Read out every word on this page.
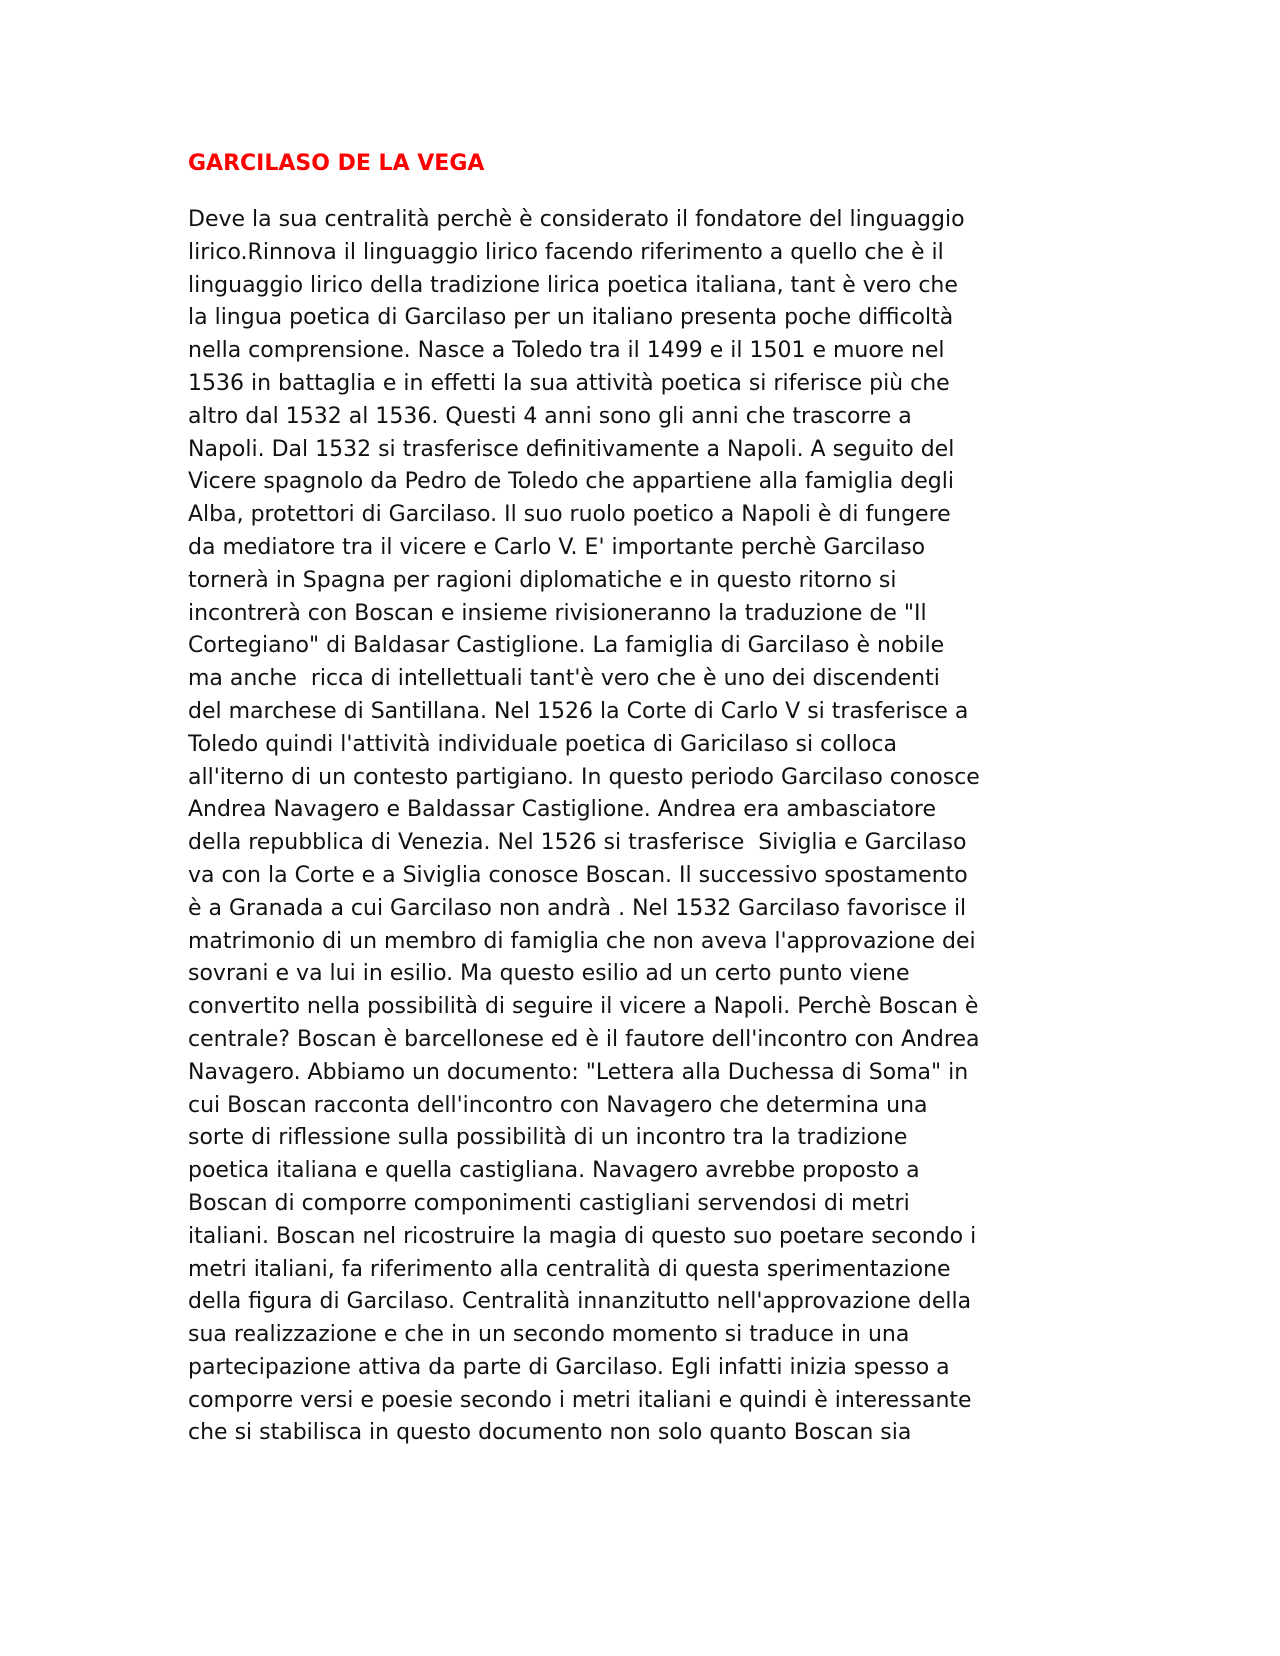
GARCILASO DE LA VEGA
Deve la sua centralità perchè è considerato il fondatore del linguaggio
lirico.Rinnova il linguaggio lirico facendo riferimento a quello che è il
linguaggio lirico della tradizione lirica poetica italiana, tant è vero che
la lingua poetica di Garcilaso per un italiano presenta poche difficoltà
nella comprensione. Nasce a Toledo tra il 1499 e il 1501 e muore nel
1536 in battaglia e in effetti la sua attività poetica si riferisce più che
altro dal 1532 al 1536. Questi 4 anni sono gli anni che trascorre a
Napoli. Dal 1532 si trasferisce definitivamente a Napoli. A seguito del
Vicere spagnolo da Pedro de Toledo che appartiene alla famiglia degli
Alba, protettori di Garcilaso. Il suo ruolo poetico a Napoli è di fungere
da mediatore tra il vicere e Carlo V. E' importante perchè Garcilaso
tornerà in Spagna per ragioni diplomatiche e in questo ritorno si
incontrerà con Boscan e insieme rivisioneranno la traduzione de "Il
Cortegiano" di Baldasar Castiglione. La famiglia di Garcilaso è nobile
ma anche  ricca di intellettuali tant'è vero che è uno dei discendenti
del marchese di Santillana. Nel 1526 la Corte di Carlo V si trasferisce a
Toledo quindi l'attività individuale poetica di Garicilaso si colloca
all'iterno di un contesto partigiano. In questo periodo Garcilaso conosce
Andrea Navagero e Baldassar Castiglione. Andrea era ambasciatore
della repubblica di Venezia. Nel 1526 si trasferisce  Siviglia e Garcilaso
va con la Corte e a Siviglia conosce Boscan. Il successivo spostamento
è a Granada a cui Garcilaso non andrà . Nel 1532 Garcilaso favorisce il
matrimonio di un membro di famiglia che non aveva l'approvazione dei
sovrani e va lui in esilio. Ma questo esilio ad un certo punto viene
convertito nella possibilità di seguire il vicere a Napoli. Perchè Boscan è
centrale? Boscan è barcellonese ed è il fautore dell'incontro con Andrea
Navagero. Abbiamo un documento: "Lettera alla Duchessa di Soma" in
cui Boscan racconta dell'incontro con Navagero che determina una
sorte di riflessione sulla possibilità di un incontro tra la tradizione
poetica italiana e quella castigliana. Navagero avrebbe proposto a
Boscan di comporre componimenti castigliani servendosi di metri
italiani. Boscan nel ricostruire la magia di questo suo poetare secondo i
metri italiani, fa riferimento alla centralità di questa sperimentazione
della figura di Garcilaso. Centralità innanzitutto nell'approvazione della
sua realizzazione e che in un secondo momento si traduce in una
partecipazione attiva da parte di Garcilaso. Egli infatti inizia spesso a
comporre versi e poesie secondo i metri italiani e quindi è interessante
che si stabilisca in questo documento non solo quanto Boscan sia
